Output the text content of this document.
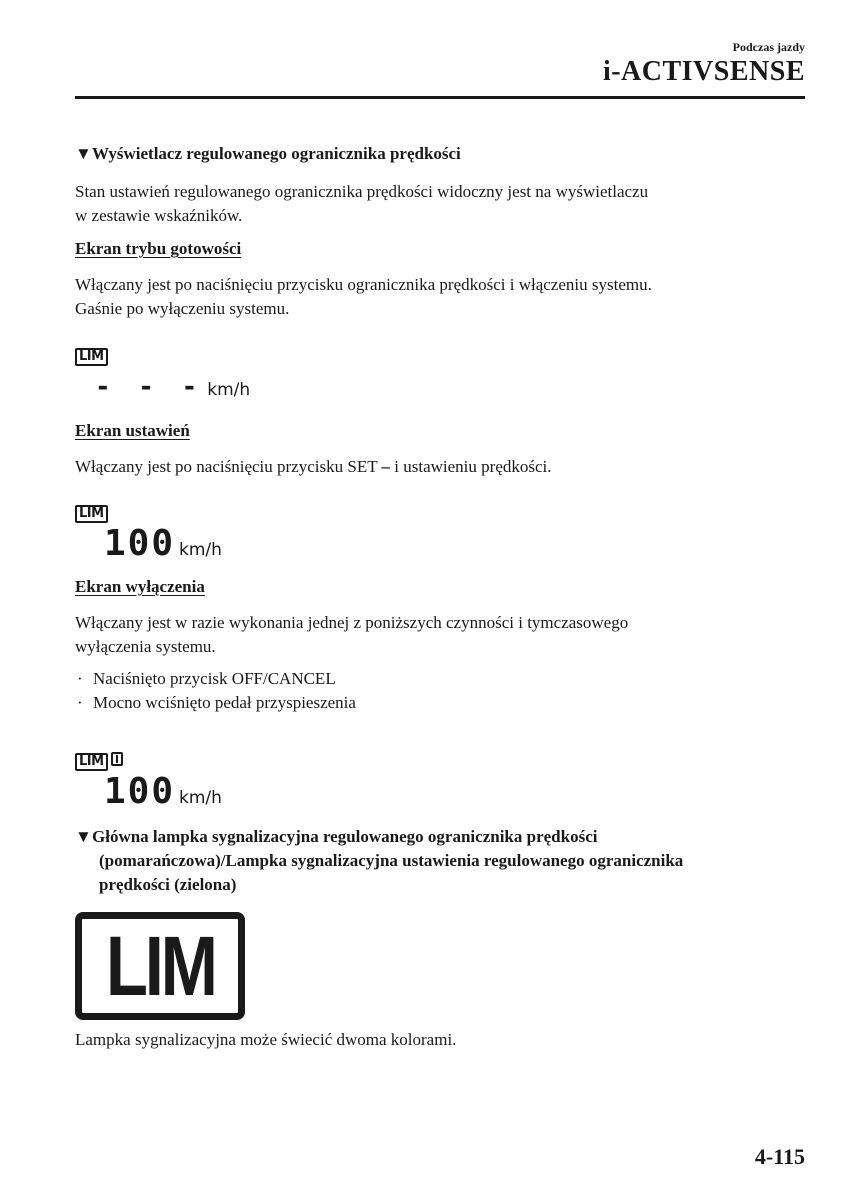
Podczas jazdy
i-ACTIVSENSE
▼Wyświetlacz regulowanego ogranicznika prędkości
Stan ustawień regulowanego ogranicznika prędkości widoczny jest na wyświetlaczu
w zestawie wskaźników.
Ekran trybu gotowości
Włączany jest po naciśnięciu przycisku ogranicznika prędkości i włączeniu systemu.
Gaśnie po wyłączeniu systemu.
LIM
- - - km/h
Ekran ustawień
Włączany jest po naciśnięciu przycisku SET – i ustawieniu prędkości.
LIM
100 km/h
Ekran wyłączenia
Włączany jest w razie wykonania jednej z poniższych czynności i tymczasowego
wyłączenia systemu.
· Naciśnięto przycisk OFF/CANCEL
· Mocno wciśnięto pedał przyspieszenia
LIM
100 km/h
▼Główna lampka sygnalizacyjna regulowanego ogranicznika prędkości
(pomarańczowa)/Lampka sygnalizacyjna ustawienia regulowanego ogranicznika
prędkości (zielona)
LIM
Lampka sygnalizacyjna może świecić dwoma kolorami.
4-115
